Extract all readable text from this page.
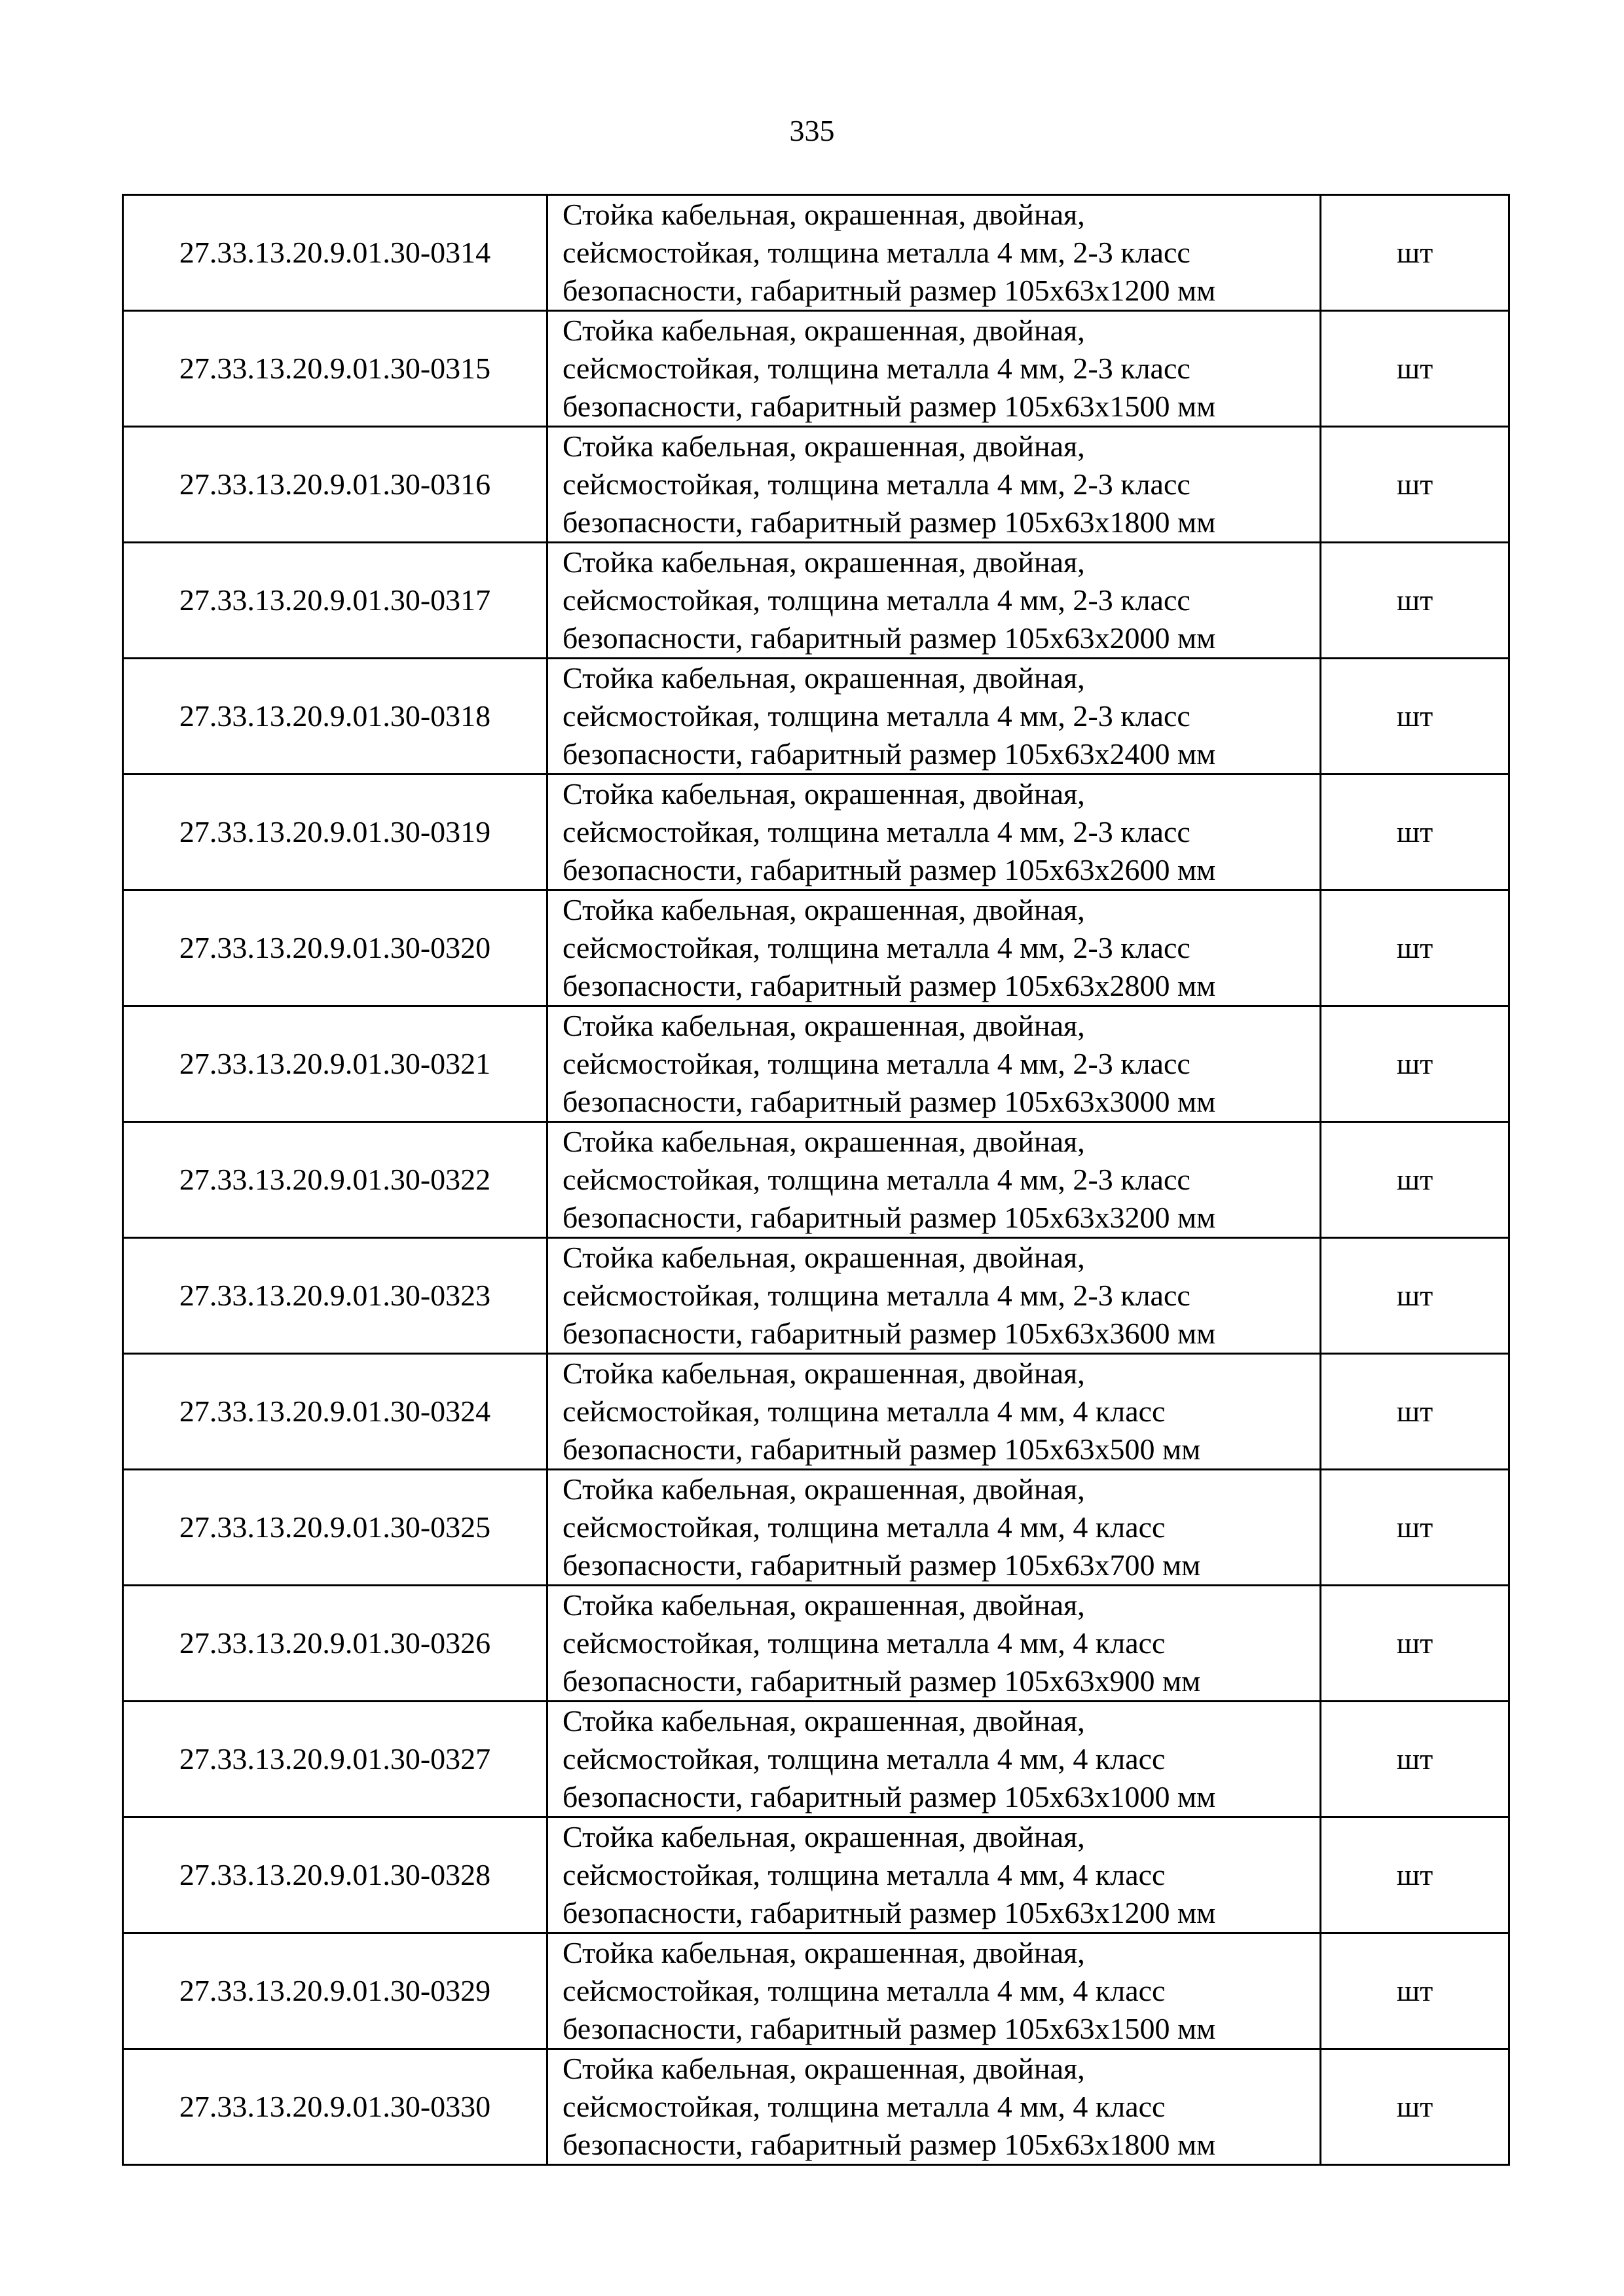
335
27.33.13.20.9.01.30-0314	Стойка кабельная, окрашенная, двойная,
сейсмостойкая, толщина металла 4 мм, 2-3 класс
безопасности, габаритный размер 105х63х1200 мм	шт
27.33.13.20.9.01.30-0315	Стойка кабельная, окрашенная, двойная,
сейсмостойкая, толщина металла 4 мм, 2-3 класс
безопасности, габаритный размер 105х63х1500 мм	шт
27.33.13.20.9.01.30-0316	Стойка кабельная, окрашенная, двойная,
сейсмостойкая, толщина металла 4 мм, 2-3 класс
безопасности, габаритный размер 105х63х1800 мм	шт
27.33.13.20.9.01.30-0317	Стойка кабельная, окрашенная, двойная,
сейсмостойкая, толщина металла 4 мм, 2-3 класс
безопасности, габаритный размер 105х63х2000 мм	шт
27.33.13.20.9.01.30-0318	Стойка кабельная, окрашенная, двойная,
сейсмостойкая, толщина металла 4 мм, 2-3 класс
безопасности, габаритный размер 105х63х2400 мм	шт
27.33.13.20.9.01.30-0319	Стойка кабельная, окрашенная, двойная,
сейсмостойкая, толщина металла 4 мм, 2-3 класс
безопасности, габаритный размер 105х63х2600 мм	шт
27.33.13.20.9.01.30-0320	Стойка кабельная, окрашенная, двойная,
сейсмостойкая, толщина металла 4 мм, 2-3 класс
безопасности, габаритный размер 105х63х2800 мм	шт
27.33.13.20.9.01.30-0321	Стойка кабельная, окрашенная, двойная,
сейсмостойкая, толщина металла 4 мм, 2-3 класс
безопасности, габаритный размер 105х63х3000 мм	шт
27.33.13.20.9.01.30-0322	Стойка кабельная, окрашенная, двойная,
сейсмостойкая, толщина металла 4 мм, 2-3 класс
безопасности, габаритный размер 105х63х3200 мм	шт
27.33.13.20.9.01.30-0323	Стойка кабельная, окрашенная, двойная,
сейсмостойкая, толщина металла 4 мм, 2-3 класс
безопасности, габаритный размер 105х63х3600 мм	шт
27.33.13.20.9.01.30-0324	Стойка кабельная, окрашенная, двойная,
сейсмостойкая, толщина металла 4 мм, 4 класс
безопасности, габаритный размер 105х63х500 мм	шт
27.33.13.20.9.01.30-0325	Стойка кабельная, окрашенная, двойная,
сейсмостойкая, толщина металла 4 мм, 4 класс
безопасности, габаритный размер 105х63х700 мм	шт
27.33.13.20.9.01.30-0326	Стойка кабельная, окрашенная, двойная,
сейсмостойкая, толщина металла 4 мм, 4 класс
безопасности, габаритный размер 105х63х900 мм	шт
27.33.13.20.9.01.30-0327	Стойка кабельная, окрашенная, двойная,
сейсмостойкая, толщина металла 4 мм, 4 класс
безопасности, габаритный размер 105х63х1000 мм	шт
27.33.13.20.9.01.30-0328	Стойка кабельная, окрашенная, двойная,
сейсмостойкая, толщина металла 4 мм, 4 класс
безопасности, габаритный размер 105х63х1200 мм	шт
27.33.13.20.9.01.30-0329	Стойка кабельная, окрашенная, двойная,
сейсмостойкая, толщина металла 4 мм, 4 класс
безопасности, габаритный размер 105х63х1500 мм	шт
27.33.13.20.9.01.30-0330	Стойка кабельная, окрашенная, двойная,
сейсмостойкая, толщина металла 4 мм, 4 класс
безопасности, габаритный размер 105х63х1800 мм	шт
